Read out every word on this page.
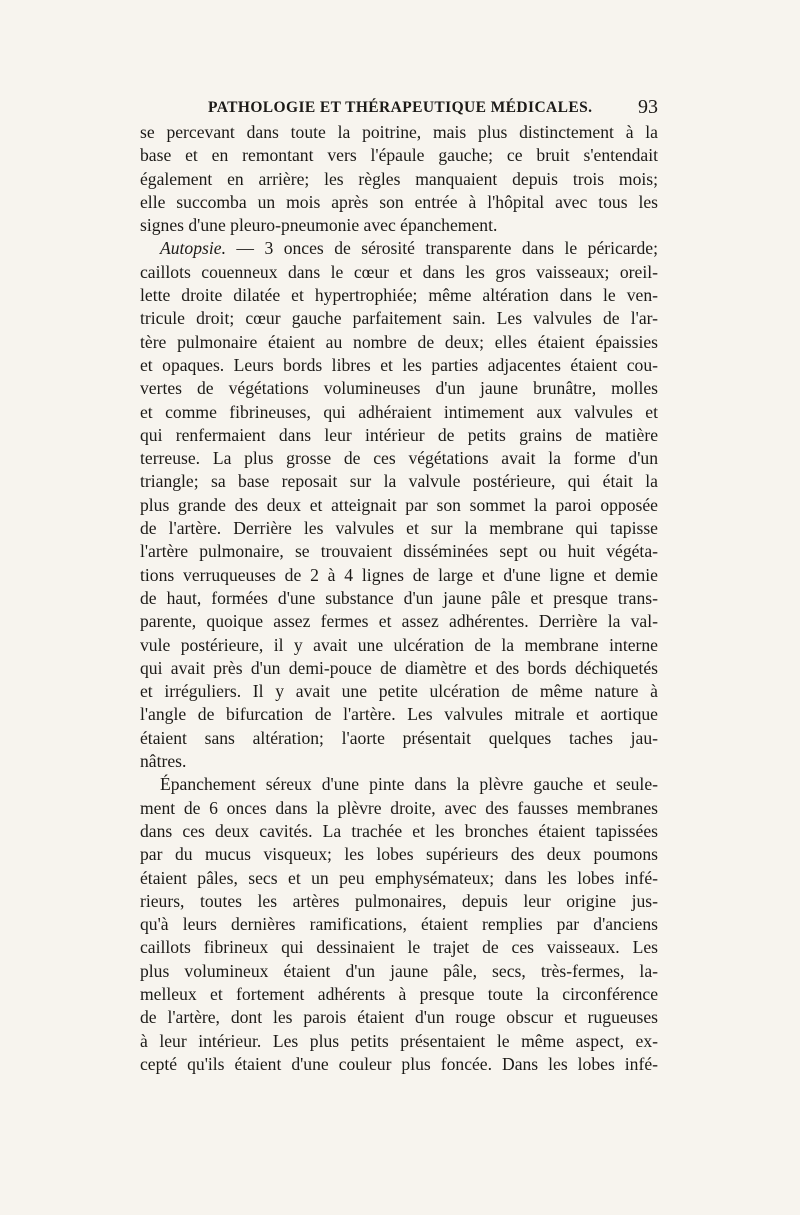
PATHOLOGIE ET THÉRAPEUTIQUE MÉDICALES. 93
se percevant dans toute la poitrine, mais plus distinctement à la
base et en remontant vers l'épaule gauche; ce bruit s'entendait
également en arrière; les règles manquaient depuis trois mois;
elle succomba un mois après son entrée à l'hôpital avec tous les
signes d'une pleuro-pneumonie avec épanchement.
Autopsie. — 3 onces de sérosité transparente dans le péricarde;
caillots couenneux dans le cœur et dans les gros vaisseaux; oreil-
lette droite dilatée et hypertrophiée; même altération dans le ven-
tricule droit; cœur gauche parfaitement sain. Les valvules de l'ar-
tère pulmonaire étaient au nombre de deux; elles étaient épaissies
et opaques. Leurs bords libres et les parties adjacentes étaient cou-
vertes de végétations volumineuses d'un jaune brunâtre, molles
et comme fibrineuses, qui adhéraient intimement aux valvules et
qui renfermaient dans leur intérieur de petits grains de matière
terreuse. La plus grosse de ces végétations avait la forme d'un
triangle; sa base reposait sur la valvule postérieure, qui était la
plus grande des deux et atteignait par son sommet la paroi opposée
de l'artère. Derrière les valvules et sur la membrane qui tapisse
l'artère pulmonaire, se trouvaient disséminées sept ou huit végéta-
tions verruqueuses de 2 à 4 lignes de large et d'une ligne et demie
de haut, formées d'une substance d'un jaune pâle et presque trans-
parente, quoique assez fermes et assez adhérentes. Derrière la val-
vule postérieure, il y avait une ulcération de la membrane interne
qui avait près d'un demi-pouce de diamètre et des bords déchiquetés
et irréguliers. Il y avait une petite ulcération de même nature à
l'angle de bifurcation de l'artère. Les valvules mitrale et aortique
étaient sans altération; l'aorte présentait quelques taches jau-
nâtres.
Épanchement séreux d'une pinte dans la plèvre gauche et seule-
ment de 6 onces dans la plèvre droite, avec des fausses membranes
dans ces deux cavités. La trachée et les bronches étaient tapissées
par du mucus visqueux; les lobes supérieurs des deux poumons
étaient pâles, secs et un peu emphysémateux; dans les lobes infé-
rieurs, toutes les artères pulmonaires, depuis leur origine jus-
qu'à leurs dernières ramifications, étaient remplies par d'anciens
caillots fibrineux qui dessinaient le trajet de ces vaisseaux. Les
plus volumineux étaient d'un jaune pâle, secs, très-fermes, la-
melleux et fortement adhérents à presque toute la circonférence
de l'artère, dont les parois étaient d'un rouge obscur et rugueuses
à leur intérieur. Les plus petits présentaient le même aspect, ex-
cepté qu'ils étaient d'une couleur plus foncée. Dans les lobes infé-
